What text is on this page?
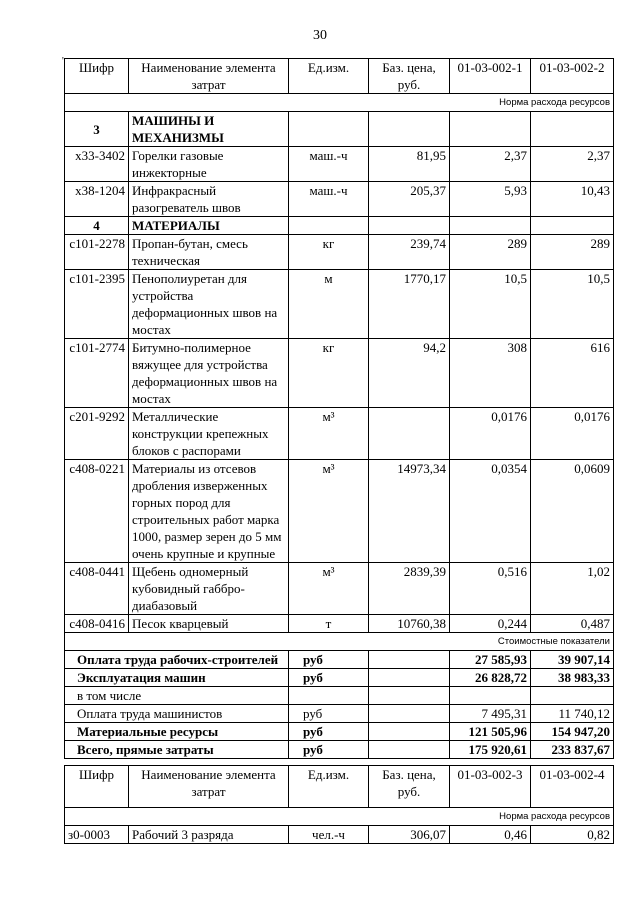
30
' Шифр	Наименование элемента затрат	Ед.изм.	Баз. цена, руб.	01-03-002-1	01-03-002-2
Норма расхода ресурсов					
3	МАШИНЫ И МЕХАНИЗМЫ				
х33-3402	Горелки газовые инжекторные	маш.-ч	81,95	2,37	2,37
х38-1204	Инфракрасный разогреватель швов	маш.-ч	205,37	5,93	10,43
4	МАТЕРИАЛЫ				
с101-2278	Пропан-бутан, смесь техническая	кг	239,74	289	289
с101-2395	Пенополиуретан для устройства деформационных швов на мостах	м	1770,17	10,5	10,5
с101-2774	Битумно-полимерное вяжущее для устройства деформационных швов на мостах	кг	94,2	308	616
с201-9292	Металлические конструкции крепежных блоков с распорами	м³		0,0176	0,0176
с408-0221	Материалы из отсевов дробления изверженных горных пород для строительных работ марка 1000, размер зерен до 5 мм очень крупные и крупные	м³	14973,34	0,0354	0,0609
с408-0441	Щебень одномерный кубовидный габбро-диабазовый	м³	2839,39	0,516	1,02
с408-0416	Песок кварцевый	т	10760,38	0,244	0,487
Стоимостные показатели					
Оплата труда рабочих-строителей		руб		27 585,93	39 907,14
Эксплуатация машин		руб		26 828,72	38 983,33
в том числе					
Оплата труда машинистов		руб		7 495,31	11 740,12
Материальные ресурсы		руб		121 505,96	154 947,20
Всего, прямые затраты		руб		175 920,61	233 837,67
Шифр	Наименование элемента затрат	Ед.изм.	Баз. цена, руб.	01-03-002-3	01-03-002-4
Норма расхода ресурсов					
з0-0003	Рабочий 3 разряда	чел.-ч	306,07	0,46	0,82
